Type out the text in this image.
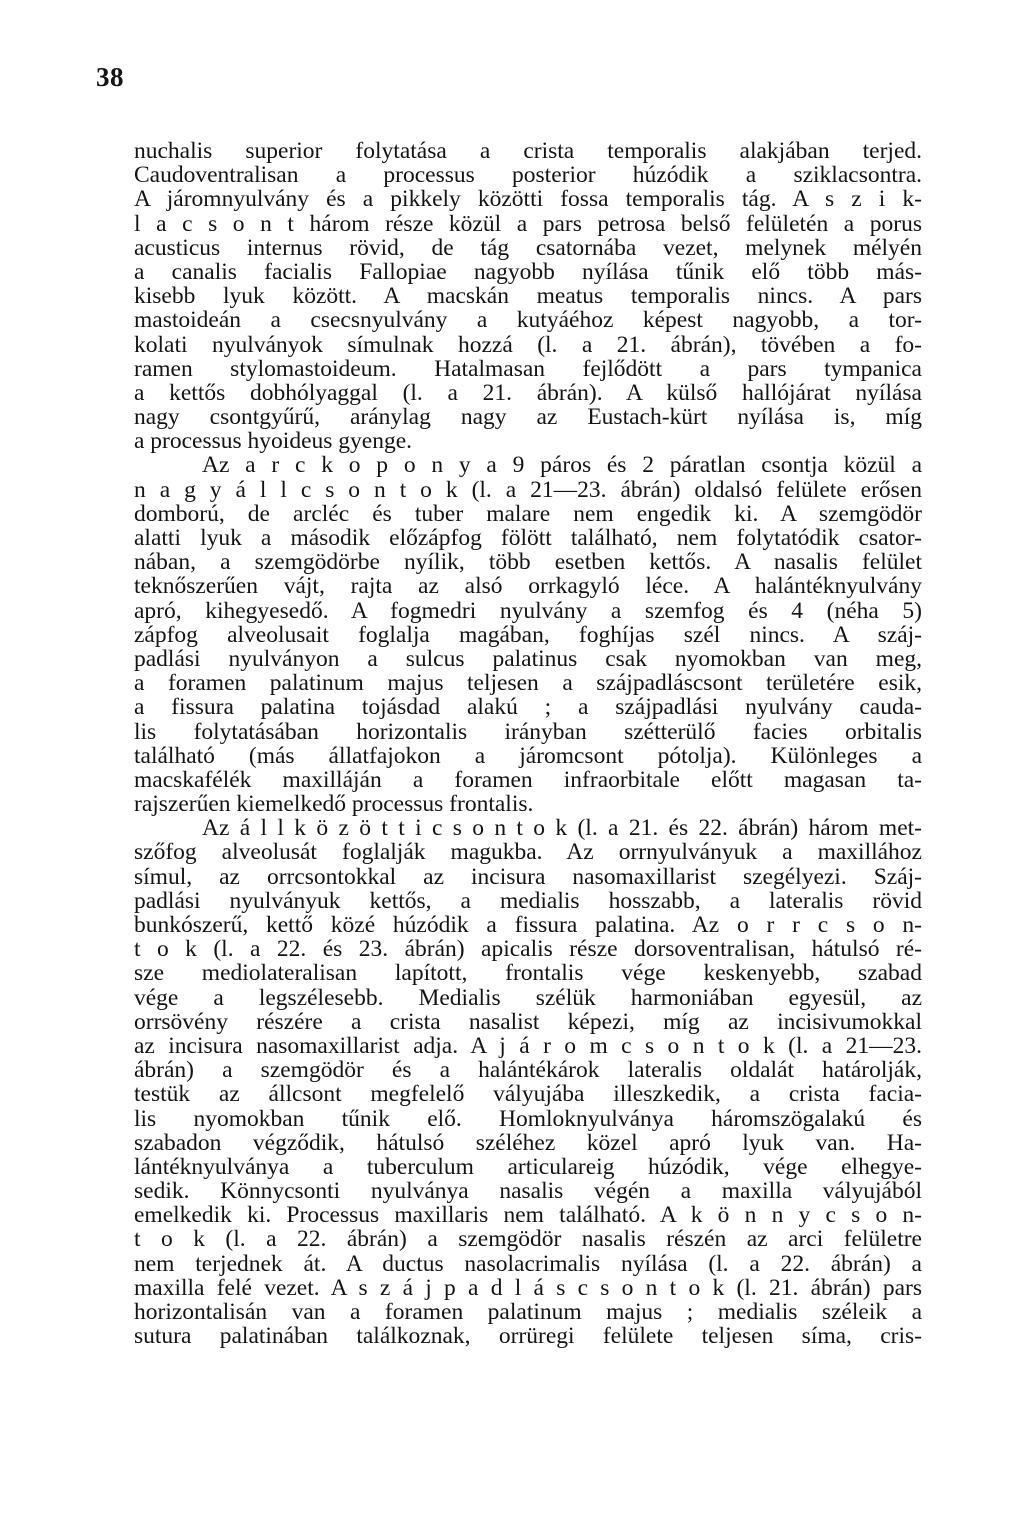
38
nuchalis superior folytatása a crista temporalis alakjában terjed.
Caudoventralisan a processus posterior húzódik a sziklacsontra.
A járomnyulvány és a pikkely közötti fossa temporalis tág. A s z i k-
l a c s o n t három része közül a pars petrosa belső felületén a porus
acusticus internus rövid, de tág csatornába vezet, melynek mélyén
a canalis facialis Fallopiae nagyobb nyílása tűnik elő több más-
kisebb lyuk között. A macskán meatus temporalis nincs. A pars
mastoideán a csecsnyulvány a kutyáéhoz képest nagyobb, a tor-
kolati nyulványok símulnak hozzá (l. a 21. ábrán), tövében a fo-
ramen stylomastoideum. Hatalmasan fejlődött a pars tympanica
a kettős dobhólyaggal (l. a 21. ábrán). A külső hallójárat nyílása
nagy csontgyűrű, aránylag nagy az Eustach-kürt nyílása is, míg
a processus hyoideus gyenge.
Az a r c k o p o n y a 9 páros és 2 páratlan csontja közül a
n a g y á l l c s o n t o k (l. a 21—23. ábrán) oldalsó felülete erősen
domború, de arcléc és tuber malare nem engedik ki. A szemgödör
alatti lyuk a második előzápfog fölött található, nem folytatódik csator-
nában, a szemgödörbe nyílik, több esetben kettős. A nasalis felület
teknőszerűen vájt, rajta az alsó orrkagyló léce. A halántéknyulvány
apró, kihegyesedő. A fogmedri nyulvány a szemfog és 4 (néha 5)
zápfog alveolusait foglalja magában, foghíjas szél nincs. A száj-
padlási nyulványon a sulcus palatinus csak nyomokban van meg,
a foramen palatinum majus teljesen a szájpadláscsont területére esik,
a fissura palatina tojásdad alakú ; a szájpadlási nyulvány cauda-
lis folytatásában horizontalis irányban szétterülő facies orbitalis
található (más állatfajokon a járomcsont pótolja). Különleges a
macskafélék maxilláján a foramen infraorbitale előtt magasan ta-
rajszerűen kiemelkedő processus frontalis.
Az á l l k ö z ö t t i c s o n t o k (l. a 21. és 22. ábrán) három met-
szőfog alveolusát foglalják magukba. Az orrnyulványuk a maxillához
símul, az orrcsontokkal az incisura nasomaxillarist szegélyezi. Száj-
padlási nyulványuk kettős, a medialis hosszabb, a lateralis rövid
bunkószerű, kettő közé húzódik a fissura palatina. Az o r r c s o n-
t o k (l. a 22. és 23. ábrán) apicalis része dorsoventralisan, hátulsó ré-
sze mediolateralisan lapított, frontalis vége keskenyebb, szabad
vége a legszélesebb. Medialis szélük harmoniában egyesül, az
orrsövény részére a crista nasalist képezi, míg az incisivumokkal
az incisura nasomaxillarist adja. A j á r o m c s o n t o k (l. a 21—23.
ábrán) a szemgödör és a halántékárok lateralis oldalát határolják,
testük az állcsont megfelelő vályujába illeszkedik, a crista facia-
lis nyomokban tűnik elő. Homloknyulványa háromszögalakú és
szabadon végződik, hátulsó széléhez közel apró lyuk van. Ha-
lántéknyulványa a tuberculum articulareig húzódik, vége elhegye-
sedik. Könnycsonti nyulványa nasalis végén a maxilla vályujából
emelkedik ki. Processus maxillaris nem található. A k ö n n y c s o n-
t o k (l. a 22. ábrán) a szemgödör nasalis részén az arci felületre
nem terjednek át. A ductus nasolacrimalis nyílása (l. a 22. ábrán) a
maxilla felé vezet. A s z á j p a d l á s c s o n t o k (l. 21. ábrán) pars
horizontalisán van a foramen palatinum majus ; medialis széleik a
sutura palatinában találkoznak, orrüregi felülete teljesen síma, cris-
